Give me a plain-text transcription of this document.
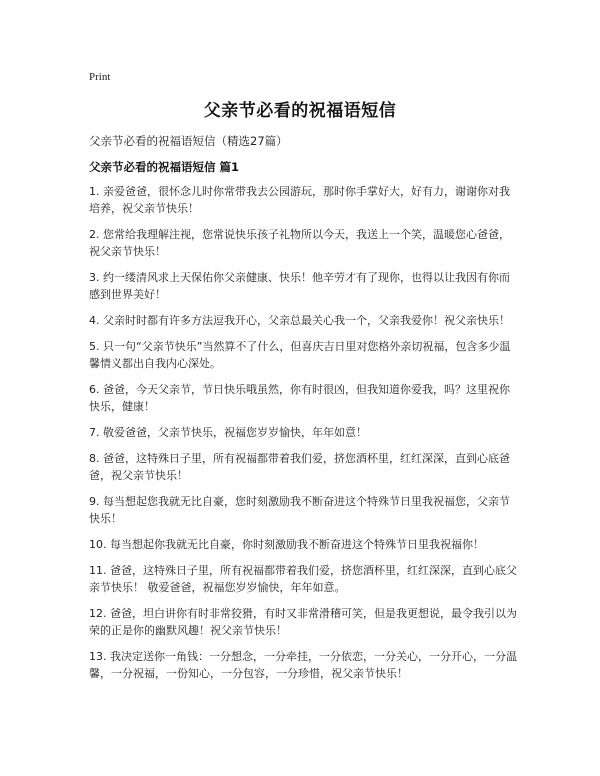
Print
父亲节必看的祝福语短信
父亲节必看的祝福语短信（精选27篇）
父亲节必看的祝福语短信 篇1

1. 亲爱爸爸，很怀念儿时你常带我去公园游玩，那时你手掌好大，好有力，谢谢你对我培养，祝父亲节快乐！

2. 您常给我理解注视，您常说快乐孩子礼物所以今天，我送上一个笑，温暖您心爸爸，祝父亲节快乐！

3. 约一缕清风求上天保佑你父亲健康、快乐！他辛劳才有了现你，也得以让我因有你而感到世界美好！

4. 父亲时时都有许多方法逗我开心，父亲总最关心我一个，父亲我爱你！祝父亲快乐！

5. 只一句“父亲节快乐”当然算不了什么，但喜庆吉日里对您格外亲切祝福，包含多少温馨情义都出自我内心深处。

6. 爸爸，今天父亲节，节日快乐哦虽然，你有时很凶，但我知道你爱我，吗？这里祝你快乐，健康！

7. 敬爱爸爸，父亲节快乐，祝福您岁岁愉快，年年如意！

8. 爸爸，这特殊日子里，所有祝福都带着我们爱，挤您酒杯里，红红深深，直到心底爸爸，祝父亲节快乐！

9. 每当想起您我就无比自豪，您时刻激励我不断奋进这个特殊节日里我祝福您，父亲节快乐！

10. 每当想起你我就无比自豪，你时刻激励我不断奋进这个特殊节日里我祝福你！

11. 爸爸，这特殊日子里，所有祝福都带着我们爱，挤您酒杯里，红红深深，直到心底父亲节快乐！ 敬爱爸爸，祝福您岁岁愉快，年年如意。

12. 爸爸，坦白讲你有时非常狡猾，有时又非常滑稽可笑，但是我更想说，最令我引以为荣的正是你的幽默风趣！祝父亲节快乐！

13. 我决定送你一角钱：一分想念，一分牵挂，一分依恋，一分关心，一分开心，一分温馨，一分祝福，一份知心，一分包容，一分珍惜，祝父亲节快乐！
